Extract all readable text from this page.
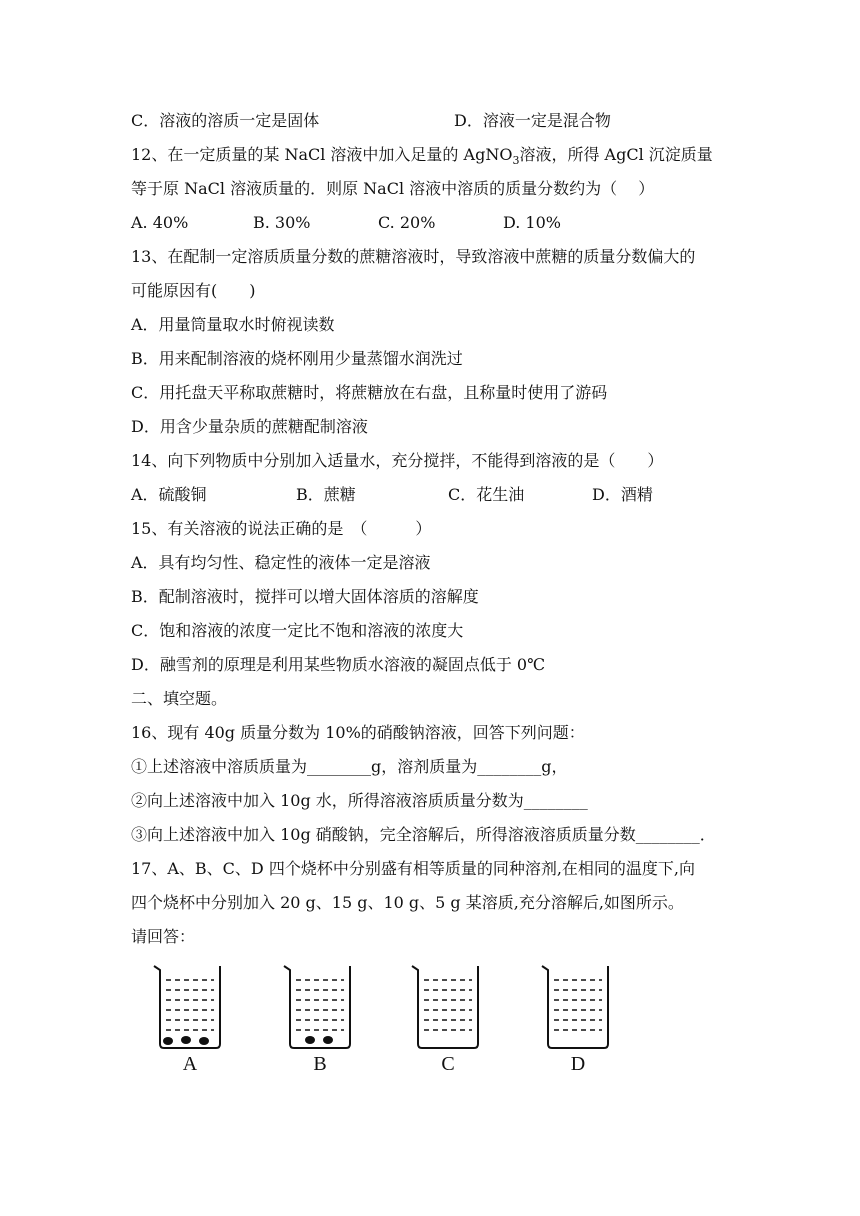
C．溶液的溶质一定是固体	D．溶液一定是混合物
12、在一定质量的某 NaCl 溶液中加入足量的 AgNO$_3$溶液，所得 AgCl 沉淀质量
等于原 NaCl 溶液质量的．则原 NaCl 溶液中溶质的质量分数约为（　 ）
A. 40%	B. 30%	C. 20%	D. 10%
13、在配制一定溶质质量分数的蔗糖溶液时，导致溶液中蔗糖的质量分数偏大的
可能原因有(　　)
A．用量筒量取水时俯视读数
B．用来配制溶液的烧杯刚用少量蒸馏水润洗过
C．用托盘天平称取蔗糖时，将蔗糖放在右盘，且称量时使用了游码
D．用含少量杂质的蔗糖配制溶液
14、向下列物质中分别加入适量水，充分搅拌，不能得到溶液的是（　　）
A．硫酸铜	B．蔗糖	C．花生油	D．酒精
15、有关溶液的说法正确的是　（　　　）
A．具有均匀性、稳定性的液体一定是溶液
B．配制溶液时，搅拌可以增大固体溶质的溶解度
C．饱和溶液的浓度一定比不饱和溶液的浓度大
D．融雪剂的原理是利用某些物质水溶液的凝固点低于 0℃
二、填空题。
16、现有 40g 质量分数为 10%的硝酸钠溶液，回答下列问题：
①上述溶液中溶质质量为________g，溶剂质量为________g，
②向上述溶液中加入 10g 水，所得溶液溶质质量分数为________
③向上述溶液中加入 10g 硝酸钠，完全溶解后，所得溶液溶质质量分数________．
17、A、B、C、D 四个烧杯中分别盛有相等质量的同种溶剂,在相同的温度下,向
四个烧杯中分别加入 20 g、15 g、10 g、5 g 某溶质,充分溶解后,如图所示。
请回答：
A	B	C	D
